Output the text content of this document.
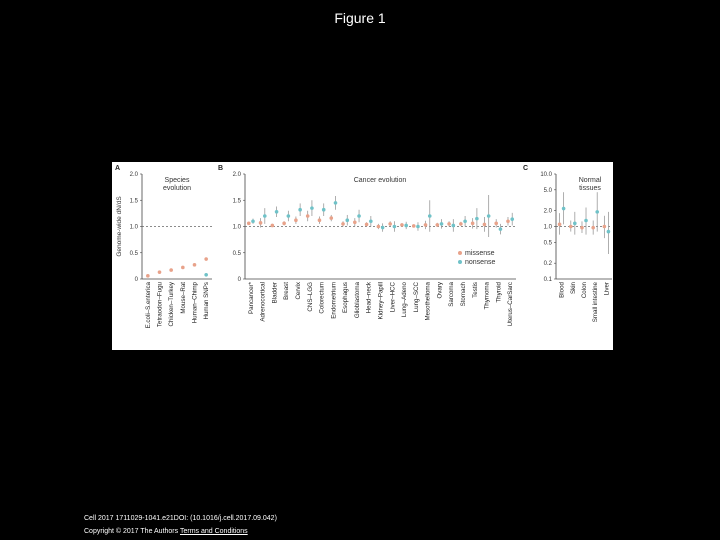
Figure 1
A
0
0.5
1.0
1.5
2.0
Species
evolution
Genome-wide dN/dS
E.coli–S.enterica Tetraodon–Fugu Chicken–Turkey Mouse–Rat Human–Chimp Human SNPs
B
0
0.5
1.0
1.5
2.0
Cancer evolution
Pancancer* Adrenocortical Bladder Breast Cervix CNS–LGG Colorectum Endometrium Esophagus Glioblastoma Head–neck Kidney–Papill Liver–HCC Lung–Adeno Lung–SCC Mesothelioma Ovary Sarcoma Stomach Testis Thymoma Thyroid Uterus–CarSarc
missense
nonsense
C
0.1
0.2
0.5
1.0
2.0
5.0
10.0
Normal
tissues
Blood Skin Colon Small intestine Liver
Cell 2017 1711029-1041.e21DOI: (10.1016/j.cell.2017.09.042)
Copyright © 2017 The Authors Terms and Conditions
